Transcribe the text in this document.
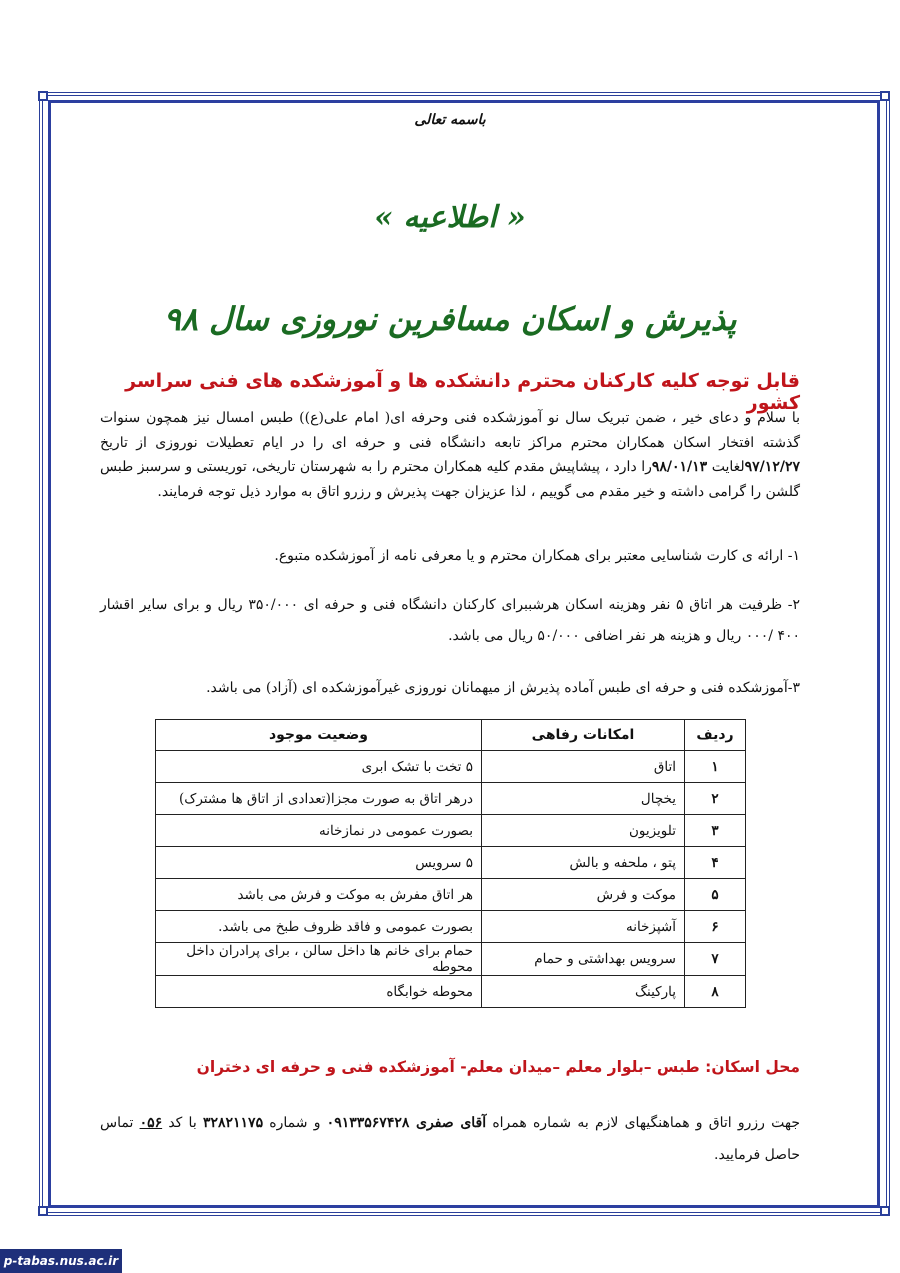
باسمه تعالی
« اطلاعیه »
پذیرش و اسکان مسافرین نوروزی سال ۹۸
قابل توجه کلیه کارکنان محترم دانشکده ها و آموزشکده های فنی سراسر کشور
با سلام و دعای خیر ، ضمن تبریک سال نو آموزشکده فنی وحرفه ای( امام علی(ع)) طبس امسال نیز همچون سنوات گذشته افتخار اسکان همکاران محترم مراکز تابعه دانشگاه فنی و حرفه ای را در ایام تعطیلات نوروزی از تاریخ ۹۷/۱۲/۲۷لغایت ۹۸/۰۱/۱۳را دارد ، پیشاپیش مقدم کلیه همکاران محترم را به شهرستان تاریخی، توریستی و سرسبز طبس گلشن را گرامی داشته و خیر مقدم می گوییم ، لذا عزیزان جهت پذیرش و رزرو اتاق به موارد ذیل توجه فرمایند.
۱- ارائه ی کارت شناسایی معتبر برای همکاران محترم و یا معرفی نامه از آموزشکده متبوع.
۲- ظرفیت هر اتاق ۵ نفر وهزینه اسکان هرشببرای کارکنان دانشگاه فنی و حرفه ای ۳۵۰/۰۰۰ ریال و برای سایر اقشار ۴۰۰ /۰۰۰ ریال و هزینه هر نفر اضافی ۵۰/۰۰۰ ریال می باشد.
۳-آموزشکده فنی و حرفه ای طبس آماده پذیرش از میهمانان نوروزی غیرآموزشکده ای (آزاد) می باشد.
ردیف	امکانات رفاهی	وضعیت موجود
۱	اتاق	۵ تخت با تشک ابری
۲	یخچال	درهر اتاق به صورت مجزا(تعدادی از اتاق ها مشترک)
۳	تلویزیون	بصورت عمومی در نمازخانه
۴	پتو ، ملحفه و بالش	۵ سرویس
۵	موکت و فرش	هر اتاق مفرش به موکت و فرش می باشد
۶	آشپزخانه	بصورت عمومی و فاقد ظروف طبخ می باشد.
۷	سرویس بهداشتی و حمام	حمام برای خانم ها داخل سالن ، برای پرادران داخل محوطه
۸	پارکینگ	محوطه خوابگاه
محل اسکان: طبس –بلوار معلم –میدان معلم- آموزشکده فنی و حرفه ای دختران
جهت رزرو اتاق و هماهنگیهای لازم به شماره همراه آقای صفری ۰۹۱۳۳۵۶۷۴۲۸ و شماره ۳۲۸۲۱۱۷۵ با کد ۰۵۶ تماس حاصل فرمایید.
p-tabas.nus.ac.ir
